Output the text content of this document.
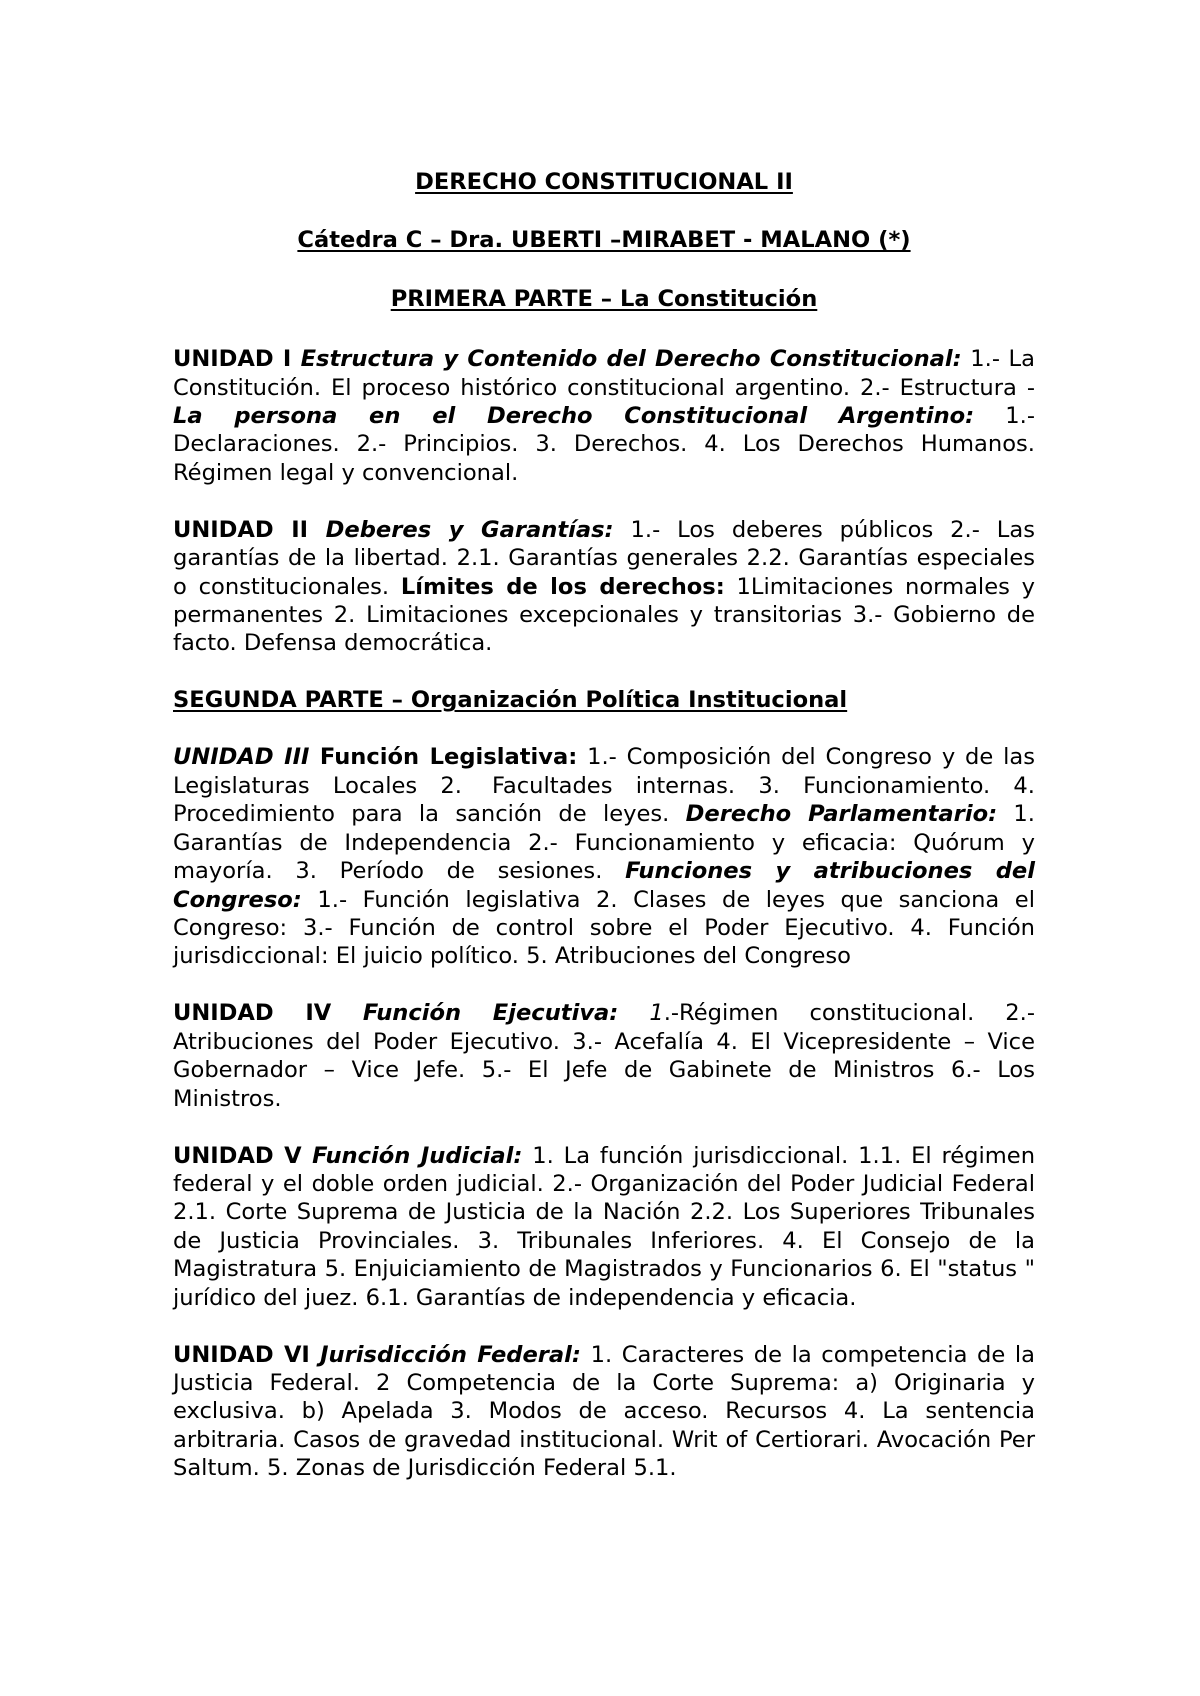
DERECHO CONSTITUCIONAL II

Cátedra C – Dra. UBERTI –MIRABET - MALANO (*)

PRIMERA PARTE – La Constitución

UNIDAD I Estructura y Contenido del Derecho Constitucional: 1.- La Constitución. El proceso histórico constitucional argentino. 2.- Estructura - La persona en el Derecho Constitucional Argentino: 1.- Declaraciones. 2.- Principios. 3. Derechos. 4. Los Derechos Humanos. Régimen legal y convencional.

UNIDAD II Deberes y Garantías: 1.- Los deberes públicos 2.- Las garantías de la libertad. 2.1. Garantías generales 2.2. Garantías especiales o constitucionales. Límites de los derechos: 1Limitaciones normales y permanentes 2. Limitaciones excepcionales y transitorias 3.- Gobierno de facto. Defensa democrática.

SEGUNDA PARTE – Organización Política Institucional

UNIDAD III Función Legislativa: 1.- Composición del Congreso y de las Legislaturas Locales 2. Facultades internas. 3. Funcionamiento. 4. Procedimiento para la sanción de leyes. Derecho Parlamentario: 1. Garantías de Independencia 2.- Funcionamiento y eficacia: Quórum y mayoría. 3. Período de sesiones. Funciones y atribuciones del Congreso: 1.- Función legislativa 2. Clases de leyes que sanciona el Congreso: 3.- Función de control sobre el Poder Ejecutivo. 4. Función jurisdiccional: El juicio político. 5. Atribuciones del Congreso

UNIDAD IV Función Ejecutiva: 1.-Régimen constitucional. 2.- Atribuciones del Poder Ejecutivo. 3.- Acefalía 4. El Vicepresidente – Vice Gobernador – Vice Jefe. 5.- El Jefe de Gabinete de Ministros 6.- Los Ministros.

UNIDAD V Función Judicial: 1. La función jurisdiccional. 1.1. El régimen federal y el doble orden judicial. 2.- Organización del Poder Judicial Federal 2.1. Corte Suprema de Justicia de la Nación 2.2. Los Superiores Tribunales de Justicia Provinciales. 3. Tribunales Inferiores. 4. El Consejo de la Magistratura 5. Enjuiciamiento de Magistrados y Funcionarios 6. El "status " jurídico del juez. 6.1. Garantías de independencia y eficacia.

UNIDAD VI Jurisdicción Federal: 1. Caracteres de la competencia de la Justicia Federal. 2 Competencia de la Corte Suprema: a) Originaria y exclusiva. b) Apelada 3. Modos de acceso. Recursos 4. La sentencia arbitraria. Casos de gravedad institucional. Writ of Certiorari. Avocación Per Saltum. 5. Zonas de Jurisdicción Federal 5.1.
